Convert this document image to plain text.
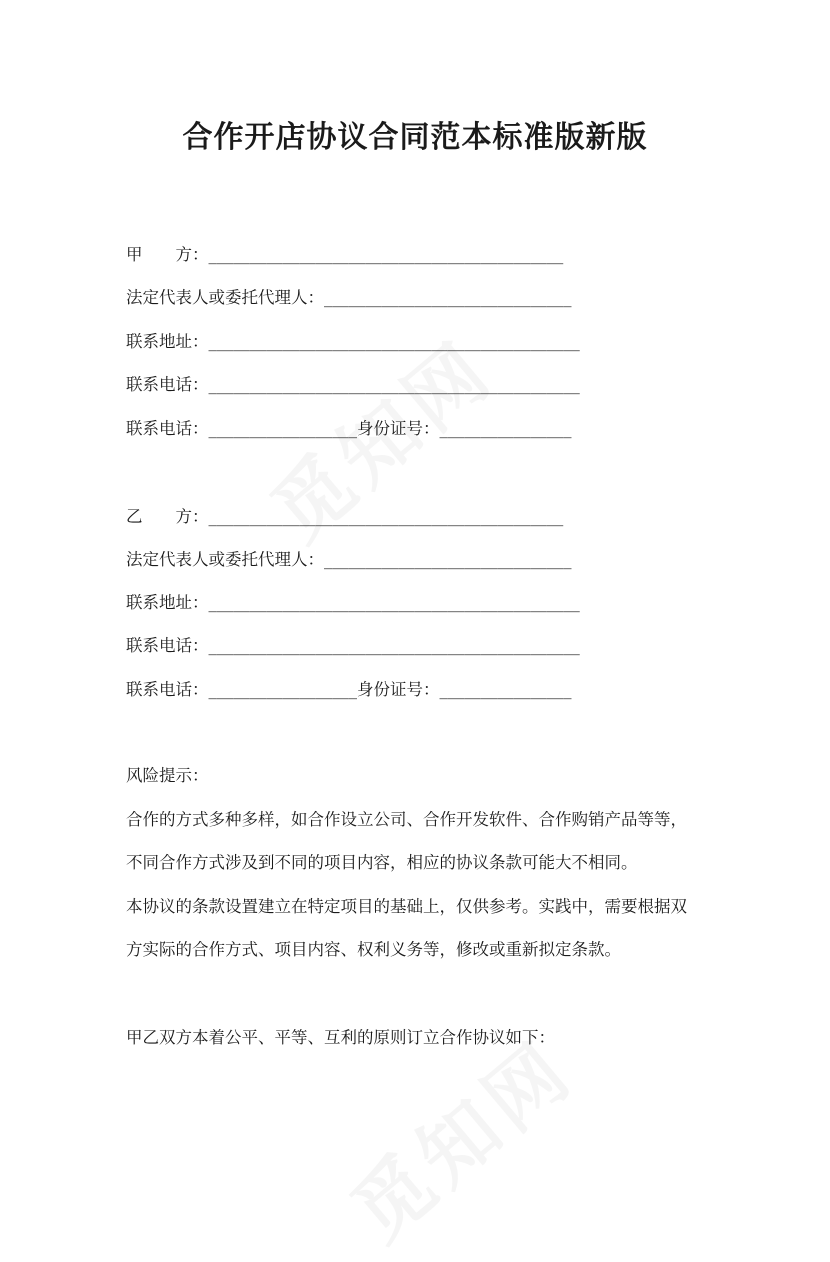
合作开店协议合同范本标准版新版
甲　　方：___________________________________________
法定代表人或委托代理人：______________________________
联系地址：_____________________________________________
联系电话：_____________________________________________
联系电话：__________________身份证号：________________
乙　　方：___________________________________________
法定代表人或委托代理人：______________________________
联系地址：_____________________________________________
联系电话：_____________________________________________
联系电话：__________________身份证号：________________
风险提示：
合作的方式多种多样，如合作设立公司、合作开发软件、合作购销产品等等，
不同合作方式涉及到不同的项目内容，相应的协议条款可能大不相同。
本协议的条款设置建立在特定项目的基础上，仅供参考。实践中，需要根据双
方实际的合作方式、项目内容、权利义务等，修改或重新拟定条款。
甲乙双方本着公平、平等、互利的原则订立合作协议如下：
